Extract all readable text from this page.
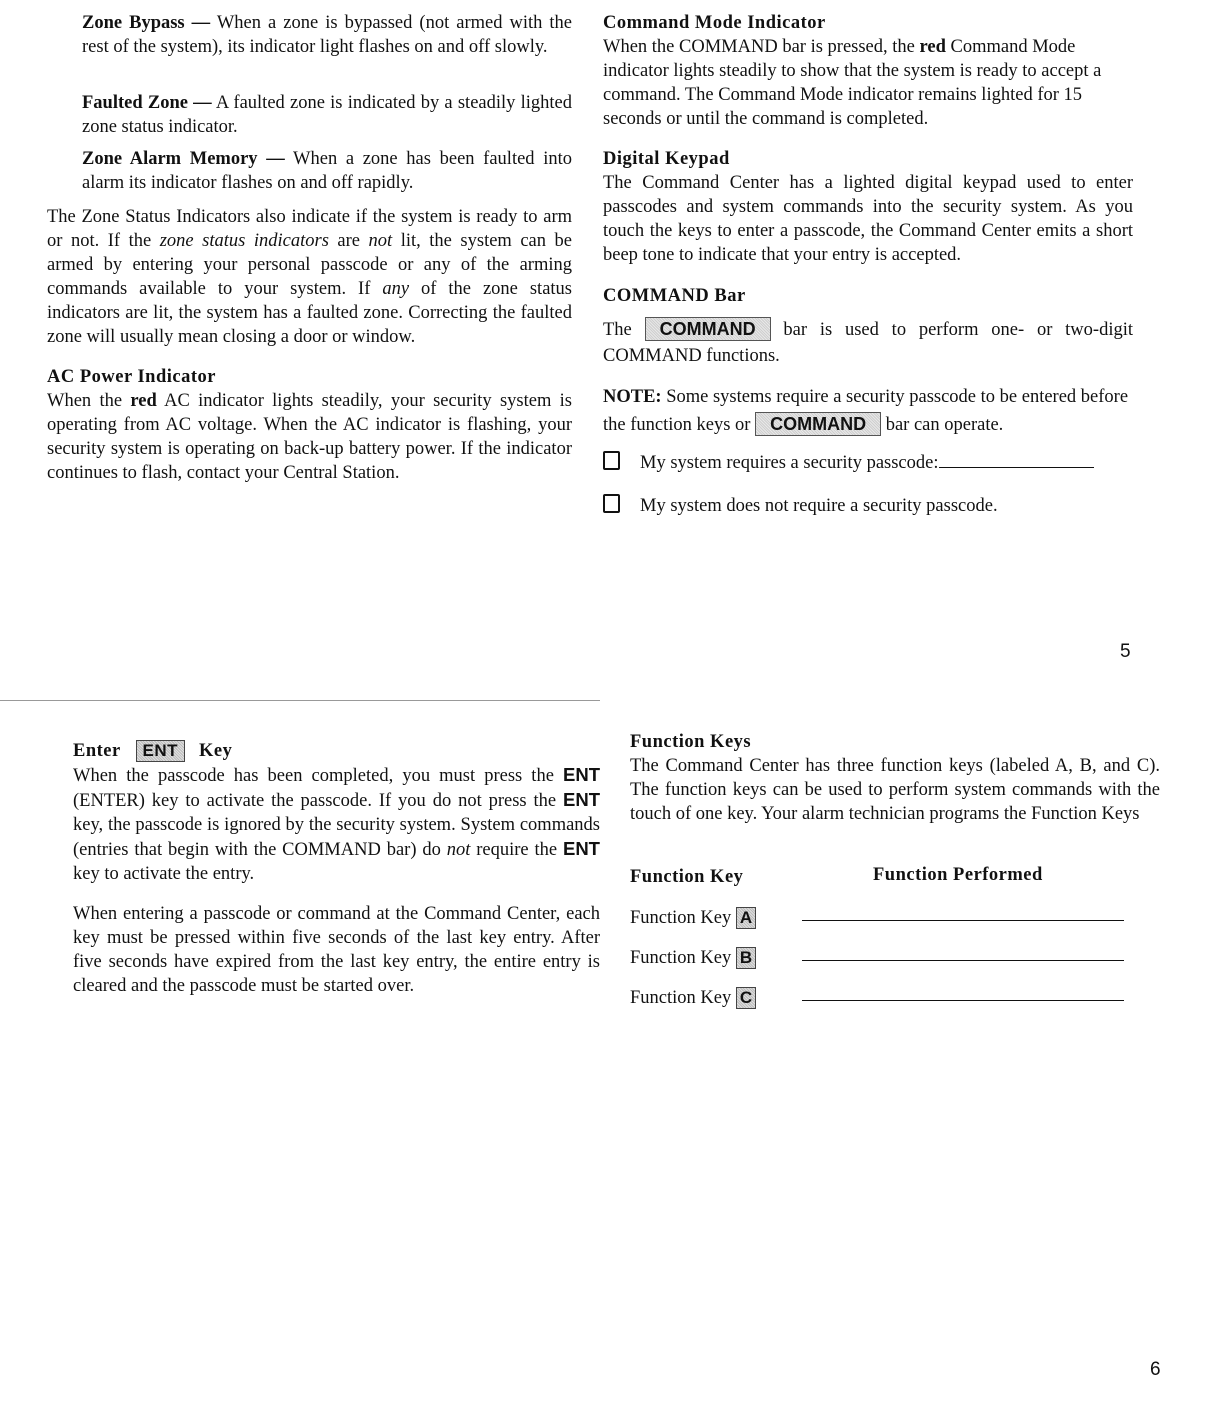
Zone Bypass — When a zone is bypassed (not armed with the rest of the system), its indicator light flashes on and off slowly.

Faulted Zone — A faulted zone is indicated by a steadily lighted zone status indicator.

Zone Alarm Memory — When a zone has been faulted into alarm its indicator flashes on and off rapidly.

The Zone Status Indicators also indicate if the system is ready to arm or not. If the zone status indicators are not lit, the system can be armed by entering your personal passcode or any of the arming commands available to your system. If any of the zone status indicators are lit, the system has a faulted zone. Correcting the faulted zone will usually mean closing a door or window.

AC Power Indicator

When the red AC indicator lights steadily, your security system is operating from AC voltage. When the AC indicator is flashing, your security system is operating on back-up battery power. If the indicator continues to flash, contact your Central Station.

Command Mode Indicator

When the COMMAND bar is pressed, the red Command Mode indicator lights steadily to show that the system is ready to accept a command. The Command Mode indicator remains lighted for 15 seconds or until the command is completed.

Digital Keypad

The Command Center has a lighted digital keypad used to enter passcodes and system commands into the security system. As you touch the keys to enter a passcode, the Command Center emits a short beep tone to indicate that your entry is accepted.

COMMAND Bar

The COMMAND bar is used to perform one- or two-digit COMMAND functions.

NOTE: Some systems require a security passcode to be entered before the function keys or COMMAND bar can operate.

My system requires a security passcode:

My system does not require a security passcode.

5

Enter ENT Key

When the passcode has been completed, you must press the ENT (ENTER) key to activate the passcode. If you do not press the ENT key, the passcode is ignored by the security system. System commands (entries that begin with the COMMAND bar) do not require the ENT key to activate the entry.

When entering a passcode or command at the Command Center, each key must be pressed within five seconds of the last key entry. After five seconds have expired from the last key entry, the entire entry is cleared and the passcode must be started over.

Function Keys

The Command Center has three function keys (labeled A, B, and C). The function keys can be used to perform system commands with the touch of one key. Your alarm technician programs the Function Keys

Function Key	Function Performed
Function Key A
Function Key B
Function Key C
6
